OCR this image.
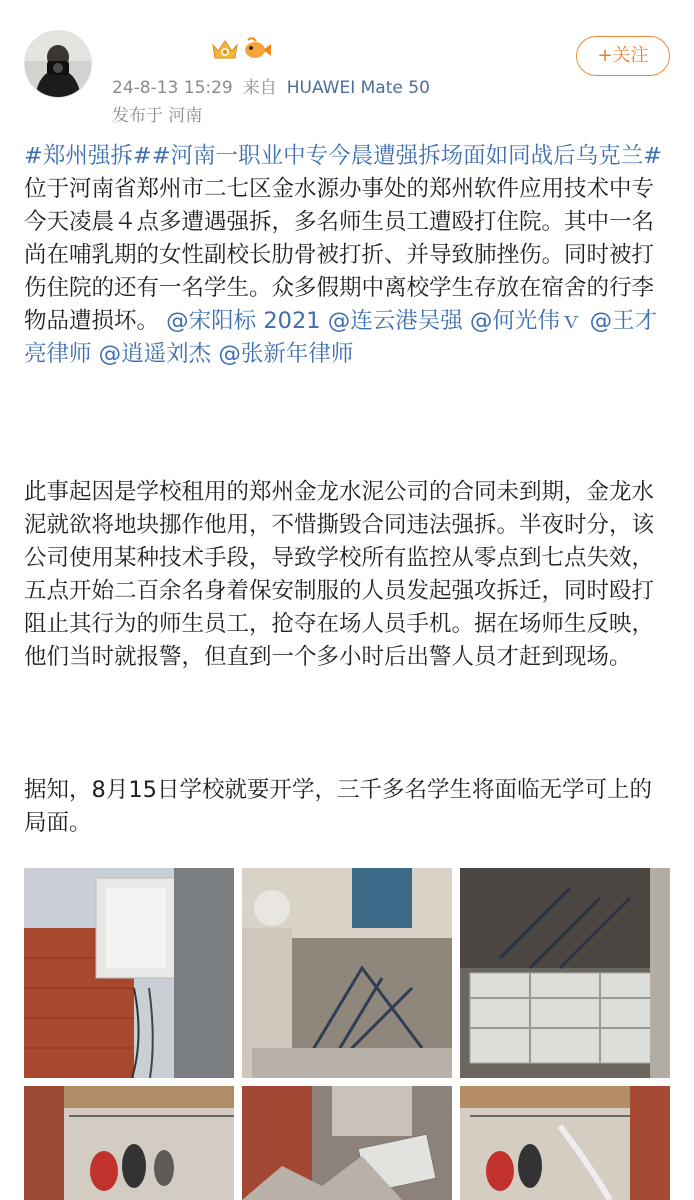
24-8-13 15:29 来自 HUAWEI Mate 50
发布于 河南
+关注
#郑州强拆##河南一职业中专今晨遭强拆场面如同战后乌克兰# 位于河南省郑州市二七区金水源办事处的郑州软件应用技术中专今天凌晨４点多遭遇强拆，多名师生员工遭殴打住院。其中一名尚在哺乳期的女性副校长肋骨被打折、并导致肺挫伤。同时被打伤住院的还有一名学生。众多假期中离校学生存放在宿舍的行李物品遭损坏。 @宋阳标 2021 @连云港吴强 @何光伟ｖ @王才亮律师 @逍遥刘杰 @张新年律师
此事起因是学校租用的郑州金龙水泥公司的合同未到期，金龙水泥就欲将地块挪作他用，不惜撕毁合同违法强拆。半夜时分，该公司使用某种技术手段，导致学校所有监控从零点到七点失效，五点开始二百余名身着保安制服的人员发起强攻拆迁，同时殴打阻止其行为的师生员工，抢夺在场人员手机。据在场师生反映，他们当时就报警，但直到一个多小时后出警人员才赶到现场。
据知，8月15日学校就要开学，三千多名学生将面临无学可上的局面。
